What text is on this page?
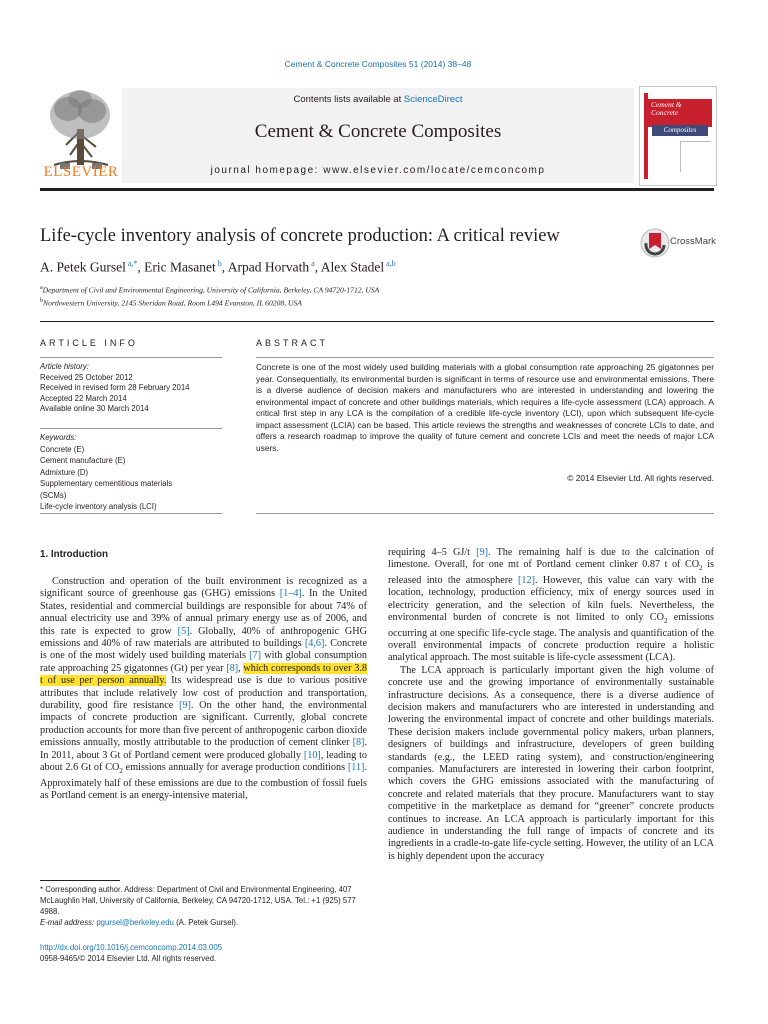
Cement & Concrete Composites 51 (2014) 38–48
ELSEVIER
Contents lists available at ScienceDirect
Cement & Concrete Composites
journal homepage: www.elsevier.com/locate/cemconcomp
Cement &
Concrete
Composites
Life-cycle inventory analysis of concrete production: A critical review	CrossMark
A. Petek Gursel $^{a,*}$, Eric Masanet $^b$, Arpad Horvath $^a$, Alex Stadel $^{a,b}$
$^a$Department of Civil and Environmental Engineering, University of California, Berkeley, CA 94720-1712, USA
$^b$Northwestern University, 2145 Sheridan Road, Room L494 Evanston, IL 60208, USA
ARTICLE INFO	ABSTRACT
Article history:
Received 25 October 2012
Received in revised form 28 February 2014
Accepted 22 March 2014
Available online 30 March 2014
Keywords:
Concrete (E)
Cement manufacture (E)
Admixture (D)
Supplementary cementitious materials
(SCMs)
Life-cycle inventory analysis (LCI)
Concrete is one of the most widely used building materials with a global consumption rate approaching 25 gigatonnes per year. Consequentially, its environmental burden is significant in terms of resource use and environmental emissions. There is a diverse audience of decision makers and manufacturers who are interested in understanding and lowering the environmental impact of concrete and other buildings materials, which requires a life-cycle assessment (LCA) approach. A critical first step in any LCA is the compilation of a credible life-cycle inventory (LCI), upon which subsequent life-cycle impact assessment (LCIA) can be based. This article reviews the strengths and weaknesses of concrete LCIs to date, and offers a research roadmap to improve the quality of future cement and concrete LCIs and meet the needs of major LCA users.
© 2014 Elsevier Ltd. All rights reserved.
1. Introduction

Construction and operation of the built environment is recognized as a significant source of greenhouse gas (GHG) emissions [1–4]. In the United States, residential and commercial buildings are responsible for about 74% of annual electricity use and 39% of annual primary energy use as of 2006, and this rate is expected to grow [5]. Globally, 40% of anthropogenic GHG emissions and 40% of raw materials are attributed to buildings [4,6]. Concrete is one of the most widely used building materials [7] with global consumption rate approaching 25 gigatonnes (Gt) per year [8], which corresponds to over 3.8 t of use per person annually. Its widespread use is due to various positive attributes that include relatively low cost of production and transportation, durability, good fire resistance [9]. On the other hand, the environmental impacts of concrete production are significant. Currently, global concrete production accounts for more than five percent of anthropogenic carbon dioxide emissions annually, mostly attributable to the production of cement clinker [8]. In 2011, about 3 Gt of Portland cement were produced globally [10], leading to about 2.6 Gt of $CO_2$ emissions annually for average production conditions [11]. Approximately half of these emissions are due to the combustion of fossil fuels as Portland cement is an energy-intensive material,

* Corresponding author. Address: Department of Civil and Environmental Engineering, 407 McLaughlin Hall, University of California, Berkeley, CA 94720-1712, USA. Tel.: +1 (925) 577 4988.
E-mail address: pgursel@berkeley.edu (A. Petek Gursel).
http://dx.doi.org/10.1016/j.cemconcomp.2014.03.005
0958-9465/© 2014 Elsevier Ltd. All rights reserved.

requiring 4–5 GJ/t [9]. The remaining half is due to the calcination of limestone. Overall, for one mt of Portland cement clinker 0.87 t of $CO_2$ is released into the atmosphere [12]. However, this value can vary with the location, technology, production efficiency, mix of energy sources used in electricity generation, and the selection of kiln fuels. Nevertheless, the environmental burden of concrete is not limited to only $CO_2$ emissions occurring at one specific life-cycle stage. The analysis and quantification of the overall environmental impacts of concrete production require a holistic analytical approach. The most suitable is life-cycle assessment (LCA).

The LCA approach is particularly important given the high volume of concrete use and the growing importance of environmentally sustainable infrastructure decisions. As a consequence, there is a diverse audience of decision makers and manufacturers who are interested in understanding and lowering the environmental impact of concrete and other buildings materials. These decision makers include governmental policy makers, urban planners, designers of buildings and infrastructure, developers of green building standards (e.g., the LEED rating system), and construction/engineering companies. Manufacturers are interested in lowering their carbon footprint, which covers the GHG emissions associated with the manufacturing of concrete and related materials that they procure. Manufacturers want to stay competitive in the marketplace as demand for “greener” concrete products continues to increase. An LCA approach is particularly important for this audience in understanding the full range of impacts of concrete and its ingredients in a cradle-to-gate life-cycle setting. However, the utility of an LCA is highly dependent upon the accuracy
